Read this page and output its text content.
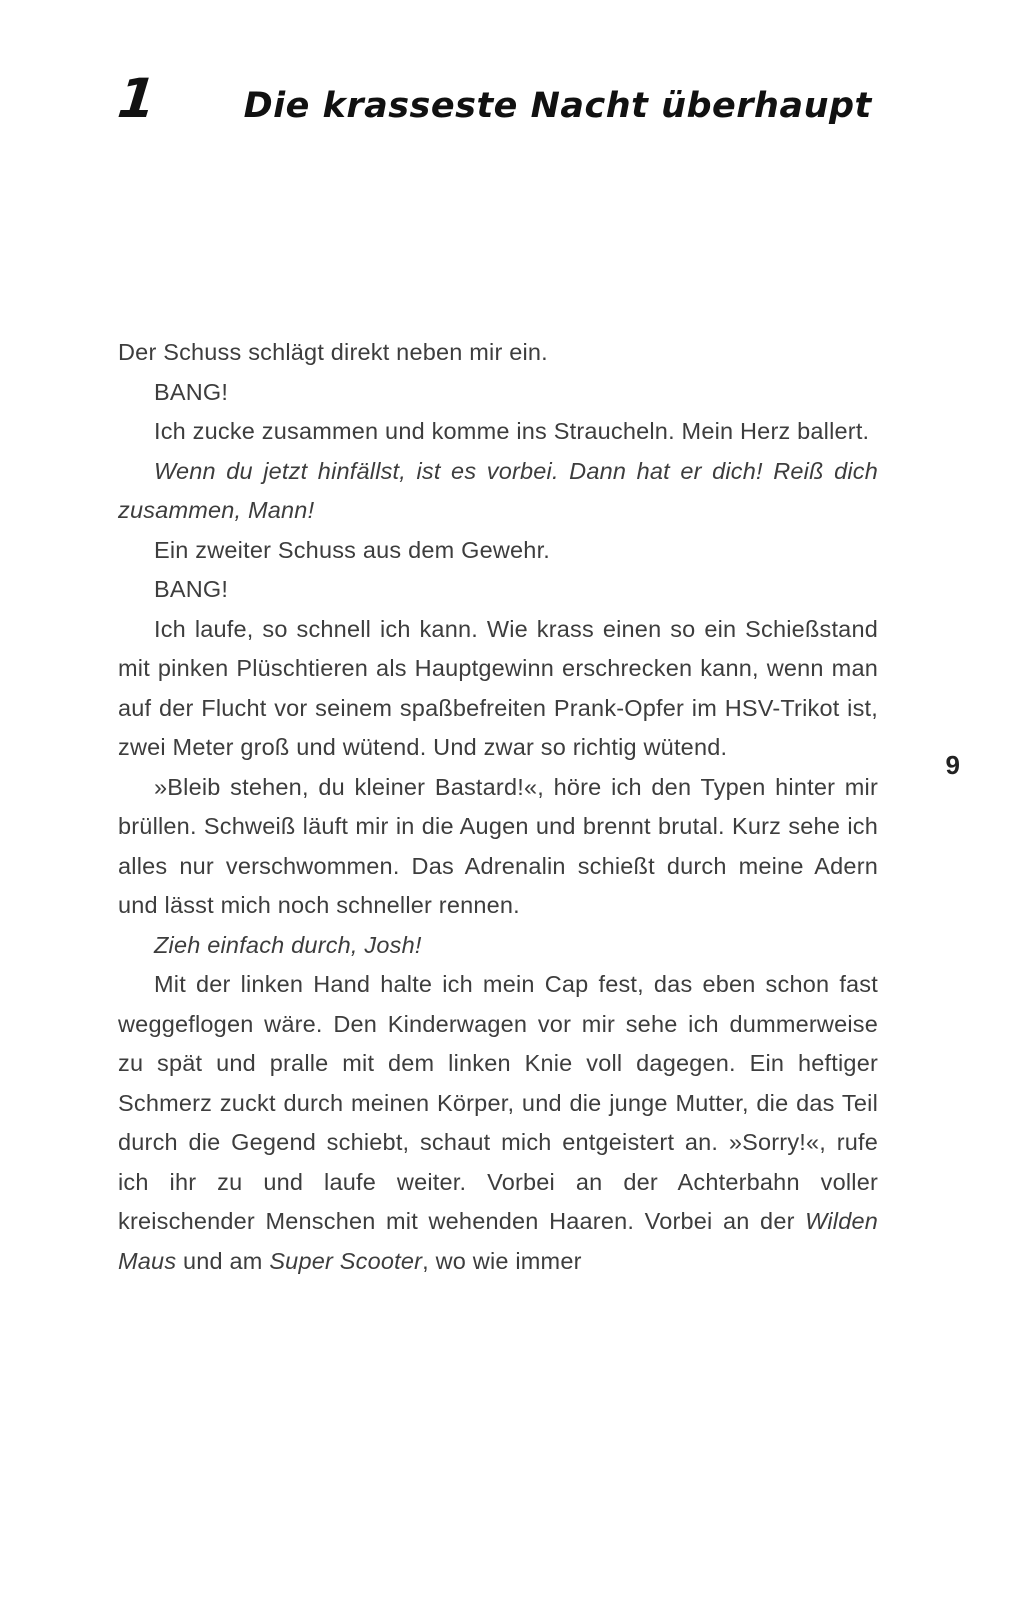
1 Die krasseste Nacht überhaupt

Der Schuss schlägt direkt neben mir ein.

BANG!

Ich zucke zusammen und komme ins Straucheln. Mein Herz ballert.

Wenn du jetzt hinfällst, ist es vorbei. Dann hat er dich! Reiß dich zusammen, Mann!

Ein zweiter Schuss aus dem Gewehr.

BANG!

Ich laufe, so schnell ich kann. Wie krass einen so ein Schießstand mit pinken Plüschtieren als Hauptgewinn erschrecken kann, wenn man auf der Flucht vor seinem spaßbefreiten Prank-Opfer im HSV-Trikot ist, zwei Meter groß und wütend. Und zwar so richtig wütend.

»Bleib stehen, du kleiner Bastard!«, höre ich den Typen hinter mir brüllen. Schweiß läuft mir in die Augen und brennt brutal. Kurz sehe ich alles nur verschwommen. Das Adrenalin schießt durch meine Adern und lässt mich noch schneller rennen.

Zieh einfach durch, Josh!

Mit der linken Hand halte ich mein Cap fest, das eben schon fast weggeflogen wäre. Den Kinderwagen vor mir sehe ich dummerweise zu spät und pralle mit dem linken Knie voll dagegen. Ein heftiger Schmerz zuckt durch meinen Körper, und die junge Mutter, die das Teil durch die Gegend schiebt, schaut mich entgeistert an. »Sorry!«, rufe ich ihr zu und laufe weiter. Vorbei an der Achterbahn voller kreischender Menschen mit wehenden Haaren. Vorbei an der Wilden Maus und am Super Scooter, wo wie immer

9
